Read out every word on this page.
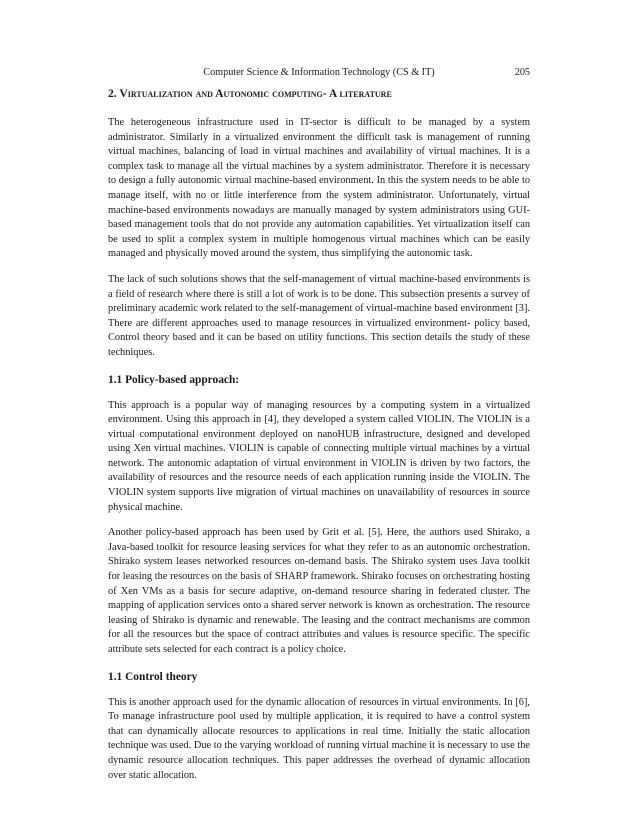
Computer Science & Information Technology (CS & IT)	205
2. Virtualization and Autonomic computing- A literature

The heterogeneous infrastructure used in IT-sector is difficult to be managed by a system administrator. Similarly in a virtualized environment the difficult task is management of running virtual machines, balancing of load in virtual machines and availability of virtual machines. It is a complex task to manage all the virtual machines by a system administrator. Therefore it is necessary to design a fully autonomic virtual machine-based environment. In this the system needs to be able to manage itself, with no or little interference from the system administrator. Unfortunately, virtual machine-based environments nowadays are manually managed by system administrators using GUI-based management tools that do not provide any automation capabilities. Yet virtualization itself can be used to split a complex system in multiple homogenous virtual machines which can be easily managed and physically moved around the system, thus simplifying the autonomic task.

The lack of such solutions shows that the self-management of virtual machine-based environments is a field of research where there is still a lot of work is to be done. This subsection presents a survey of preliminary academic work related to the self-management of virtual-machine based environment [3]. There are different approaches used to manage resources in virtualized environment- policy based, Control theory based and it can be based on utility functions. This section details the study of these techniques.

1.1 Policy-based approach:

This approach is a popular way of managing resources by a computing system in a virtualized environment. Using this approach in [4], they developed a system called VIOLIN. The VIOLIN is a virtual computational environment deployed on nanoHUB infrastructure, designed and developed using Xen virtual machines. VIOLIN is capable of connecting multiple virtual machines by a virtual network. The autonomic adaptation of virtual environment in VIOLIN is driven by two factors, the availability of resources and the resource needs of each application running inside the VIOLIN. The VIOLIN system supports live migration of virtual machines on unavailability of resources in source physical machine.

Another policy-based approach has been used by Grit et al. [5]. Here, the authors used Shirako, a Java-based toolkit for resource leasing services for what they refer to as an autonomic orchestration. Shirako system leases networked resources on-demand basis. The Shirako system uses Java toolkit for leasing the resources on the basis of SHARP framework. Shirako focuses on orchestrating hosting of Xen VMs as a basis for secure adaptive, on-demand resource sharing in federated cluster. The mapping of application services onto a shared server network is known as orchestration. The resource leasing of Shirako is dynamic and renewable. The leasing and the contract mechanisms are common for all the resources but the space of contract attributes and values is resource specific. The specific attribute sets selected for each contract is a policy choice.

1.1 Control theory

This is another approach used for the dynamic allocation of resources in virtual environments. In [6], To manage infrastructure pool used by multiple application, it is required to have a control system that can dynamically allocate resources to applications in real time. Initially the static allocation technique was used. Due to the varying workload of running virtual machine it is necessary to use the dynamic resource allocation techniques. This paper addresses the overhead of dynamic allocation over static allocation.
